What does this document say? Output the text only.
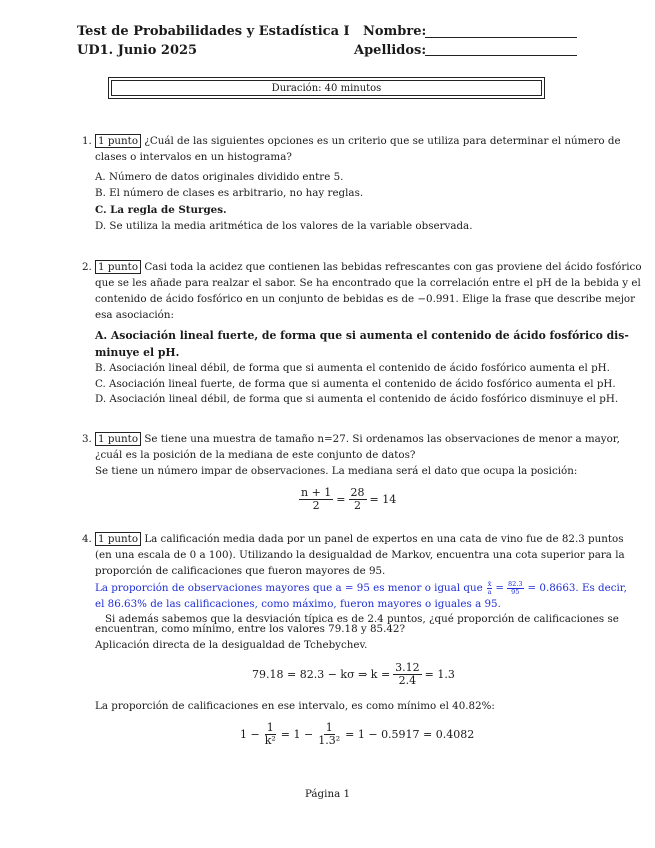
Test de Probabilidades y Estadística I
UD1. Junio 2025
Nombre:
Apellidos:
Duración: 40 minutos
1. 1 punto ¿Cuál de las siguientes opciones es un criterio que se utiliza para determinar el número de
clases o intervalos en un histograma?
A. Número de datos originales dividido entre 5.
B. El número de clases es arbitrario, no hay reglas.
C. La regla de Sturges.
D. Se utiliza la media aritmética de los valores de la variable observada.
2. 1 punto Casi toda la acidez que contienen las bebidas refrescantes con gas proviene del ácido fosfórico
que se les añade para realzar el sabor. Se ha encontrado que la correlación entre el pH de la bebida y el
contenido de ácido fosfórico en un conjunto de bebidas es de −0.991. Elige la frase que describe mejor
esa asociación:
A. Asociación lineal fuerte, de forma que si aumenta el contenido de ácido fosfórico dis-
minuye el pH.
B. Asociación lineal débil, de forma que si aumenta el contenido de ácido fosfórico aumenta el pH.
C. Asociación lineal fuerte, de forma que si aumenta el contenido de ácido fosfórico aumenta el pH.
D. Asociación lineal débil, de forma que si aumenta el contenido de ácido fosfórico disminuye el pH.
3. 1 punto Se tiene una muestra de tamaño n=27. Si ordenamos las observaciones de menor a mayor,
¿cuál es la posición de la mediana de este conjunto de datos?
Se tiene un número impar de observaciones. La mediana será el dato que ocupa la posición:
$\frac{n + 1}{2} = \frac{28}{2} = 14$
4. 1 punto La calificación media dada por un panel de expertos en una cata de vino fue de 82.3 puntos
(en una escala de 0 a 100). Utilizando la desigualdad de Markov, encuentra una cota superior para la
proporción de calificaciones que fueron mayores de 95.
La proporción de observaciones mayores que a = 95 es menor o igual que $\frac{x̄}{a} = \frac{82.3}{95} = 0.8663$. Es decir,
el 86.63% de las calificaciones, como máximo, fueron mayores o iguales a 95.
Si además sabemos que la desviación típica es de 2.4 puntos, ¿qué proporción de calificaciones se
encuentran, como mínimo, entre los valores 79.18 y 85.42?
Aplicación directa de la desigualdad de Tchebychev.
79.18 = 82.3 − kσ ⇒ $k = \frac{3.12}{2.4} = 1.3$
La proporción de calificaciones en ese intervalo, es como mínimo el 40.82%:
$1 - \frac{1}{\text{k²}} = 1 - \frac{1}{\text{1.3²}} = 1 - 0.5917 = 0.4082$
Página 1
